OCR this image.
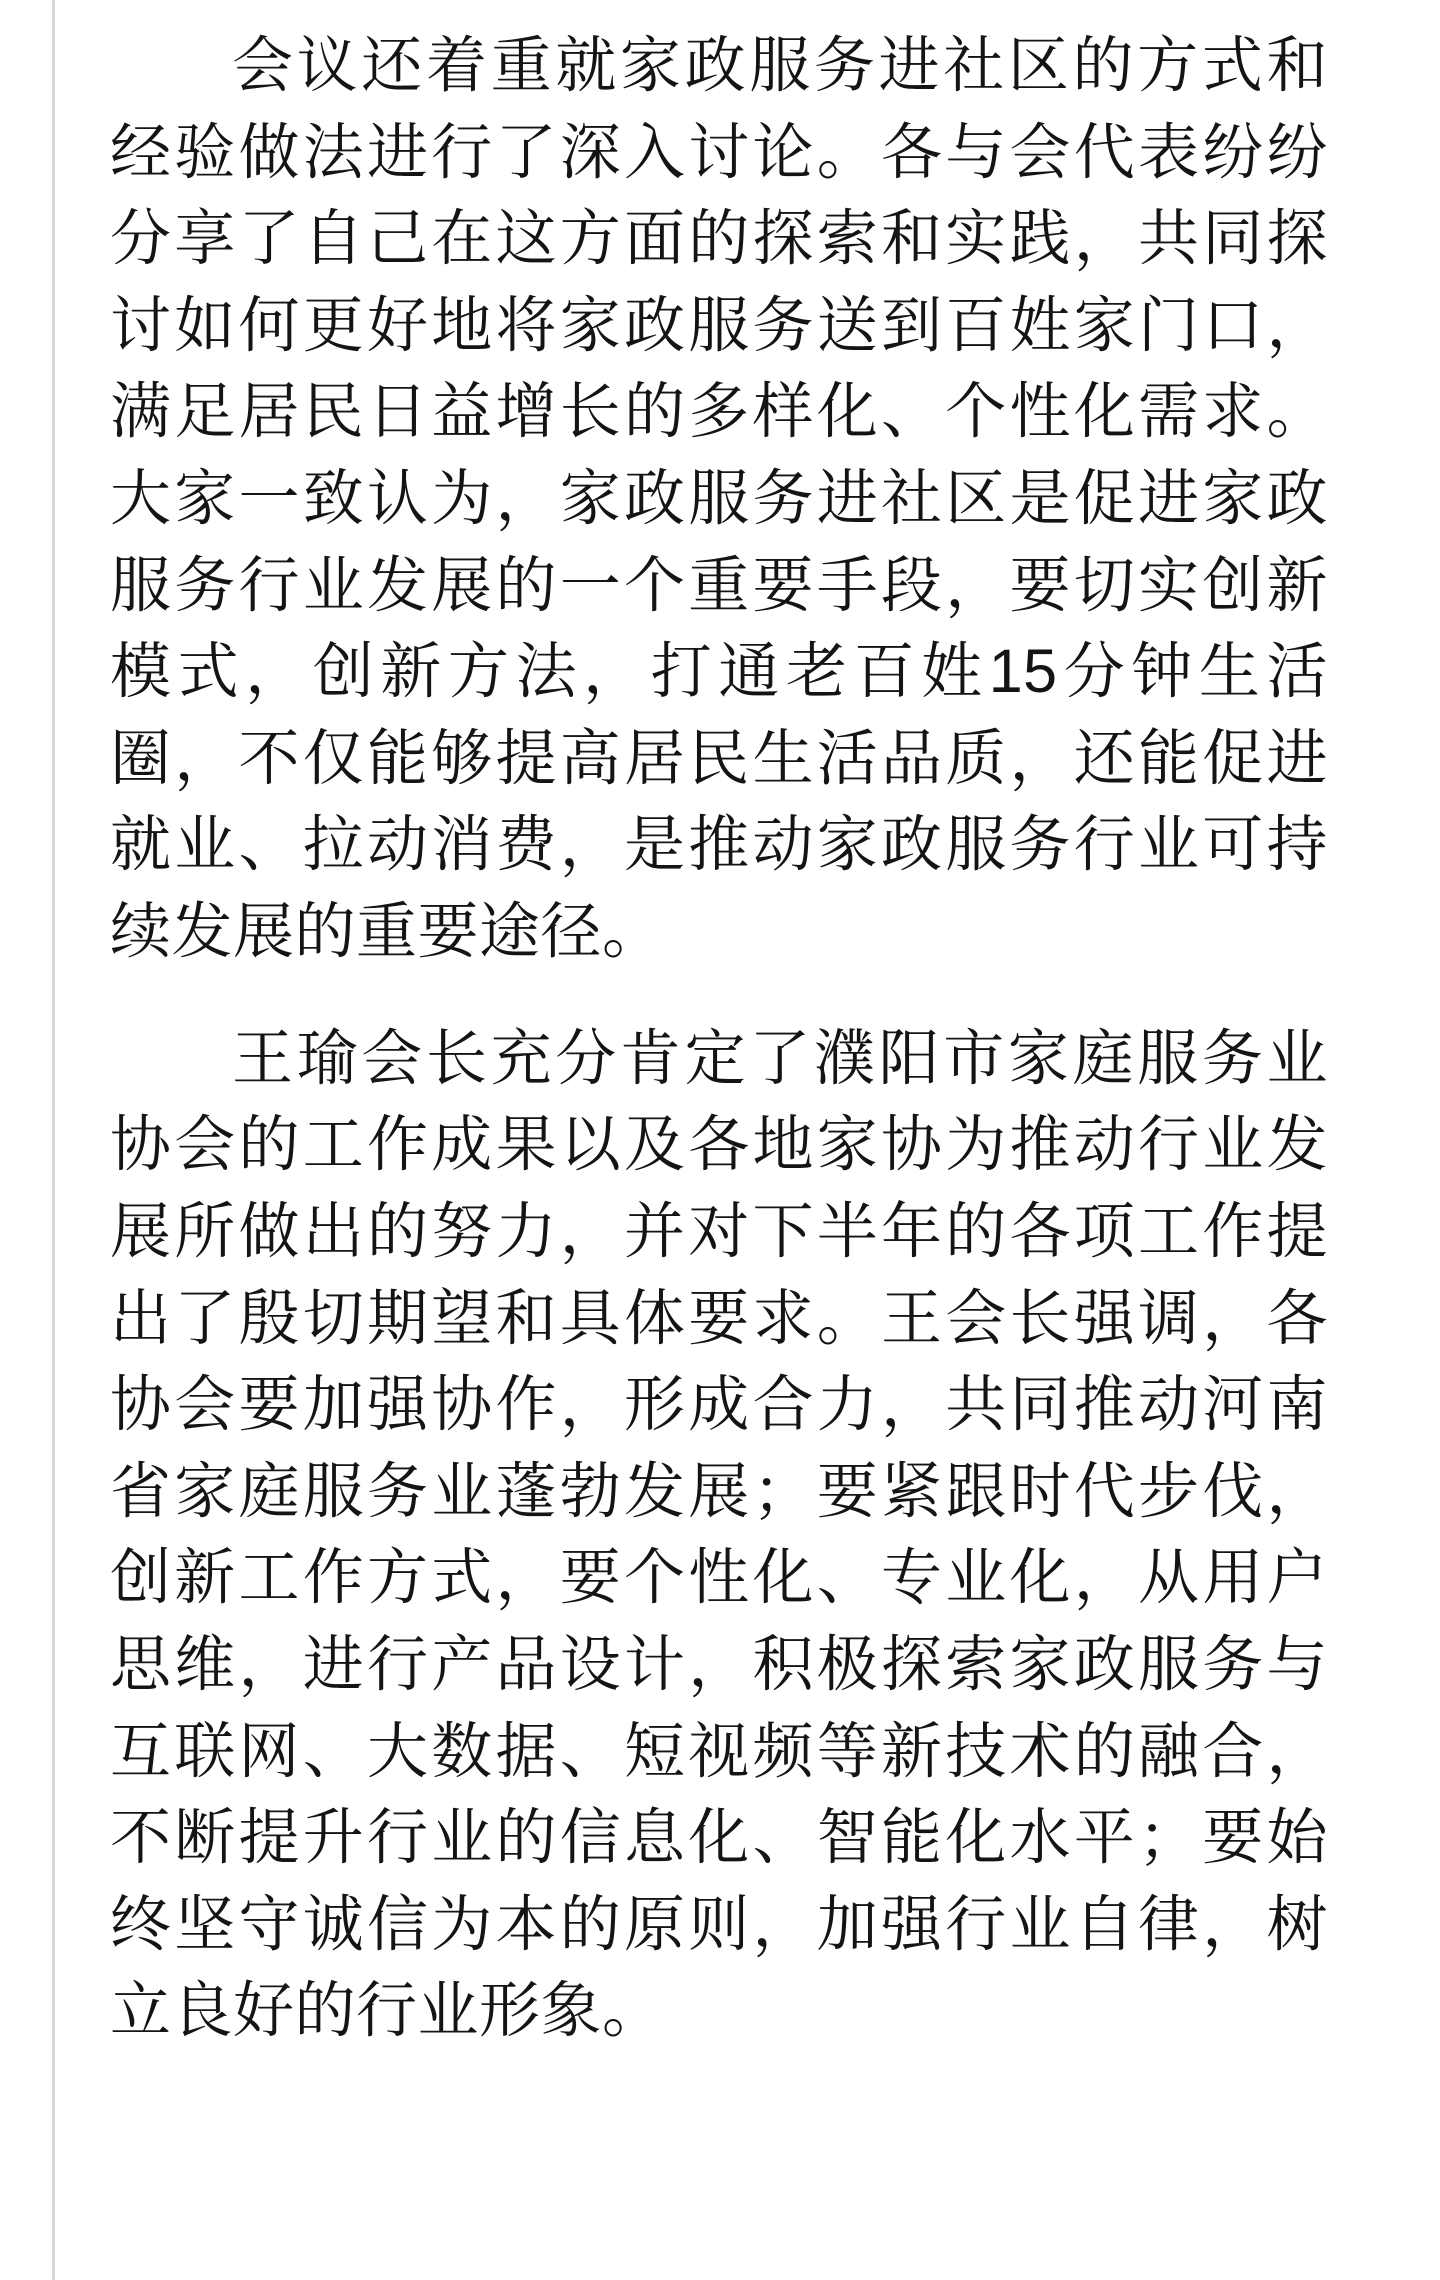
会议还着重就家政服务进社区的方式和经验做法进行了深入讨论。各与会代表纷纷分享了自己在这方面的探索和实践，共同探讨如何更好地将家政服务送到百姓家门口，满足居民日益增长的多样化、个性化需求。大家一致认为，家政服务进社区是促进家政服务行业发展的一个重要手段，要切实创新模式，创新方法，打通老百姓15分钟生活圈，不仅能够提高居民生活品质，还能促进就业、拉动消费，是推动家政服务行业可持续发展的重要途径。

王瑜会长充分肯定了濮阳市家庭服务业协会的工作成果以及各地家协为推动行业发展所做出的努力，并对下半年的各项工作提出了殷切期望和具体要求。王会长强调，各协会要加强协作，形成合力，共同推动河南省家庭服务业蓬勃发展；要紧跟时代步伐，创新工作方式，要个性化、专业化，从用户思维，进行产品设计，积极探索家政服务与互联网、大数据、短视频等新技术的融合，不断提升行业的信息化、智能化水平；要始终坚守诚信为本的原则，加强行业自律，树立良好的行业形象。
